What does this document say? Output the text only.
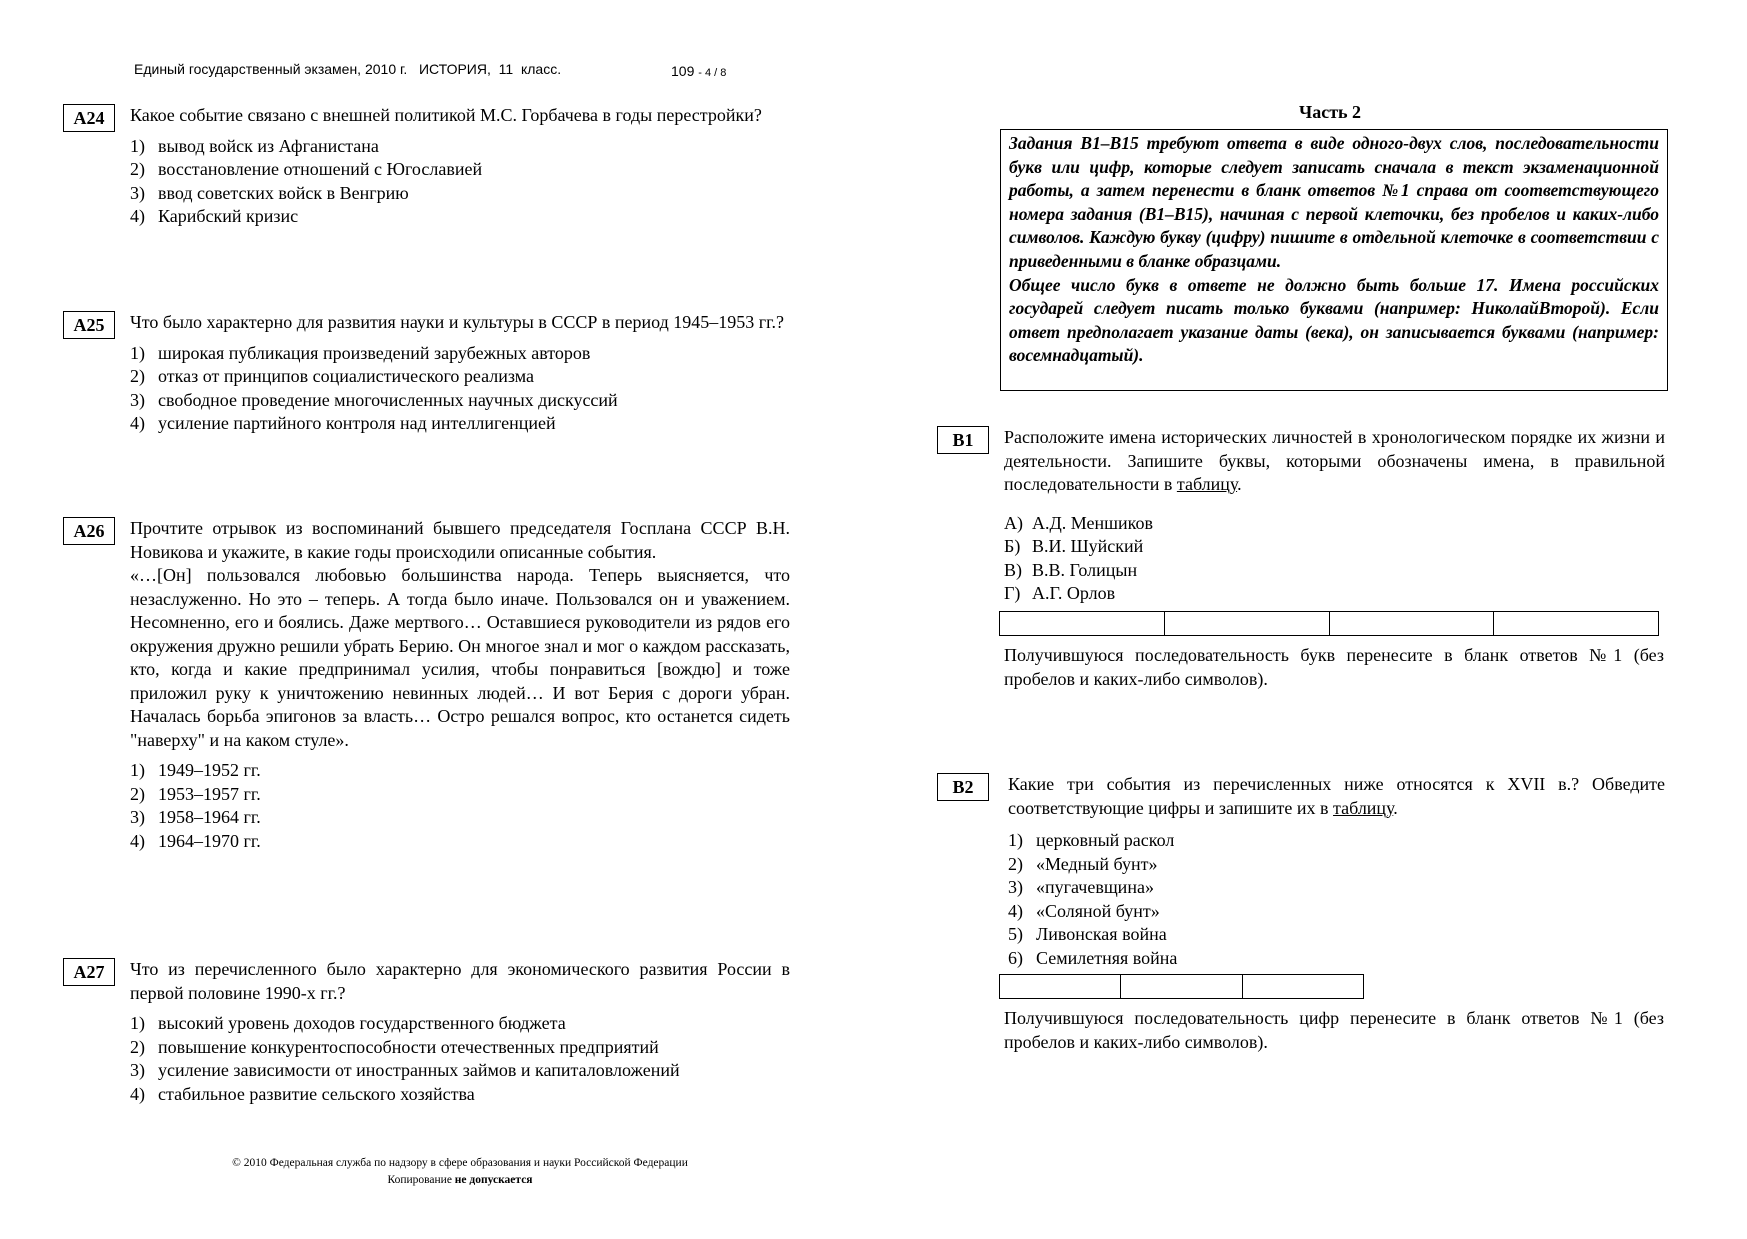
Единый государственный экзамен, 2010 г.   ИСТОРИЯ,  11  класс.	109 - 4 / 8
А24	Какое событие связано с внешней политикой М.С. Горбачева в годы перестройки?
1) вывод войск из Афганистана
2) восстановление отношений с Югославией
3) ввод советских войск в Венгрию
4) Карибский кризис
А25	Что было характерно для развития науки и культуры в СССР в период 1945–1953 гг.?
1) широкая публикация произведений зарубежных авторов
2) отказ от принципов социалистического реализма
3) свободное проведение многочисленных научных дискуссий
4) усиление партийного контроля над интеллигенцией
А26	Прочтите отрывок из воспоминаний бывшего председателя Госплана СССР В.Н. Новикова и укажите, в какие годы происходили описанные события.
«…[Он] пользовался любовью большинства народа. Теперь выясняется, что незаслуженно. Но это – теперь. А тогда было иначе. Пользовался он и уважением. Несомненно, его и боялись. Даже мертвого… Оставшиеся руководители из рядов его окружения дружно решили убрать Берию. Он многое знал и мог о каждом рассказать, кто, когда и какие предпринимал усилия, чтобы понравиться [вождю] и тоже приложил руку к уничтожению невинных людей… И вот Берия с дороги убран. Началась борьба эпигонов за власть… Остро решался вопрос, кто останется сидеть "наверху" и на каком стуле».
1) 1949–1952 гг.
2) 1953–1957 гг.
3) 1958–1964 гг.
4) 1964–1970 гг.
А27	Что из перечисленного было характерно для экономического развития России в первой половине 1990-х гг.?
1) высокий уровень доходов государственного бюджета
2) повышение конкурентоспособности отечественных предприятий
3) усиление зависимости от иностранных займов и капиталовложений
4) стабильное развитие сельского хозяйства
© 2010 Федеральная служба по надзору в сфере образования и науки Российской Федерации
Копирование не допускается
Часть 2

Задания В1–В15 требуют ответа в виде одного-двух слов, последовательности букв или цифр, которые следует записать сначала в текст экзаменационной работы, а затем перенести в бланк ответов №1 справа от соответствующего номера задания (В1–В15), начиная с первой клеточки, без пробелов и каких-либо символов. Каждую букву (цифру) пишите в отдельной клеточке в соответствии с приведенными в бланке образцами.

Общее число букв в ответе не должно быть больше 17. Имена российских государей следует писать только буквами (например: НиколайВторой). Если ответ предполагает указание даты (века), он записывается буквами (например: восемнадцатый).

В1	Расположите имена исторических личностей в хронологическом порядке их жизни и деятельности. Запишите буквы, которыми обозначены имена, в правильной последовательности в таблицу.
А) А.Д. Меншиков
Б) В.И. Шуйский
В) В.В. Голицын
Г) А.Г. Орлов

Получившуюся последовательность букв перенесите в бланк ответов №1 (без пробелов и каких-либо символов).
В2	Какие три события из перечисленных ниже относятся к XVII в.? Обведите соответствующие цифры и запишите их в таблицу.
1) церковный раскол
2) «Медный бунт»
3) «пугачевщина»
4) «Соляной бунт»
5) Ливонская война
6) Семилетняя война

Получившуюся последовательность цифр перенесите в бланк ответов №1 (без пробелов и каких-либо символов).
